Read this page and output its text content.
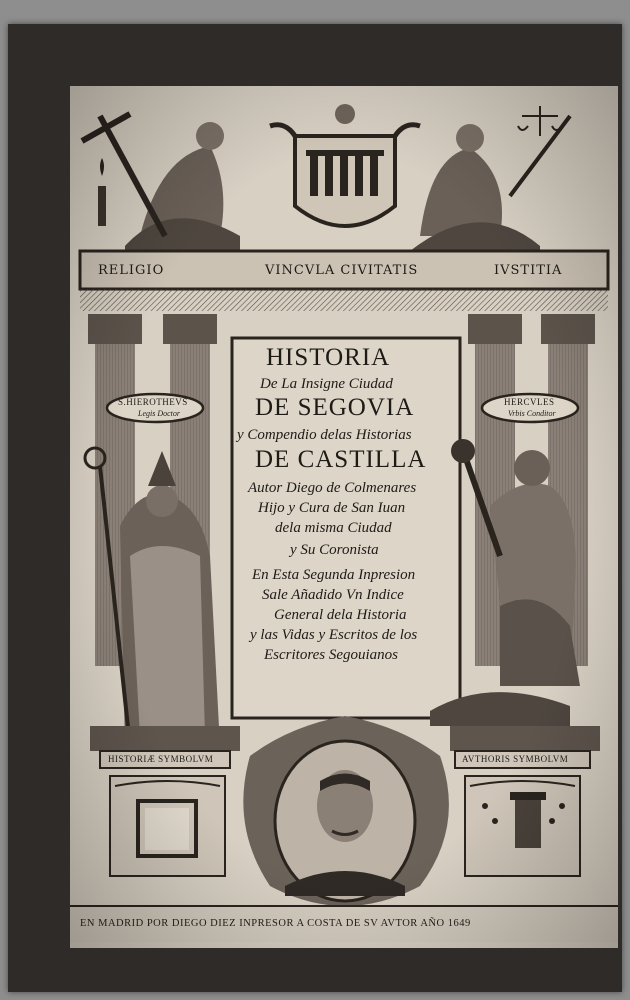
RELIGIO	VINCVLA CIVITATIS	IVSTITIA
HISTORIA
De La Insigne Ciudad
DE SEGOVIA
y Compendio delas Historias
DE CASTILLA
Autor Diego de Colmenares
Hijo y Cura de San Iuan
dela misma Ciudad
y Su Coronista
En Esta Segunda Inpresion
Sale Añadido Vn Indice
General dela Historia
y las Vidas y Escritos de los
Escritores Segouianos
S.HIEROTHEVS
Legis Doctor
HERCVLES
Vrbis Conditor
HISTORIÆ SYMBOLVM	AVTHORIS SYMBOLVM
EN MADRID POR DIEGO DIEZ INPRESOR A COSTA DE SV AVTOR AÑO 1649
